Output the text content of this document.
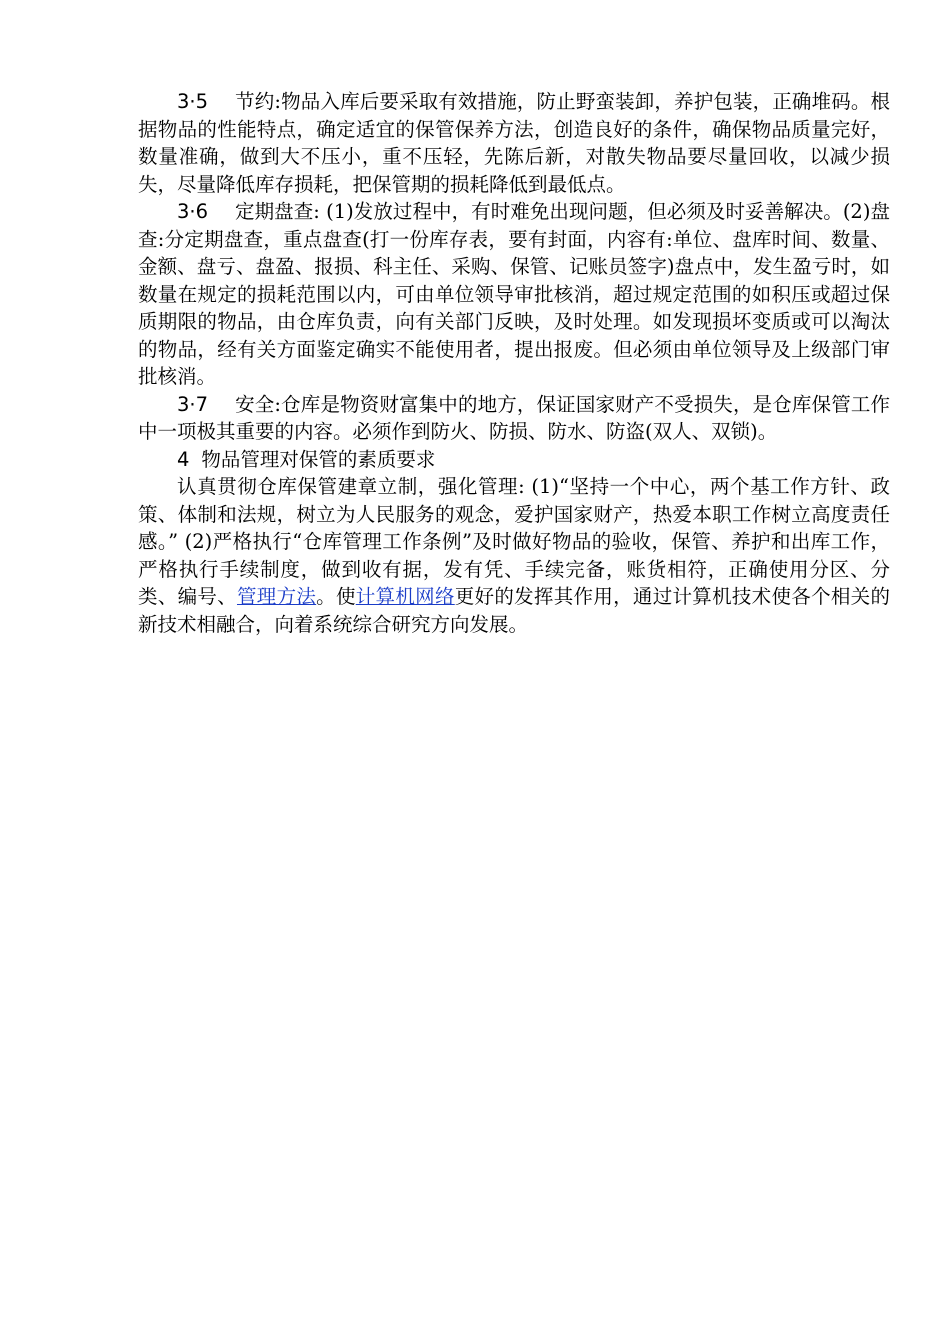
3·5 节约:物品入库后要采取有效措施，防止野蛮装卸，养护包装，正确堆码。根据物品的性能特点，确定适宜的保管保养方法，创造良好的条件，确保物品质量完好，数量准确，做到大不压小，重不压轻，先陈后新，对散失物品要尽量回收，以减少损失，尽量降低库存损耗，把保管期的损耗降低到最低点。

3·6 定期盘查: (1)发放过程中，有时难免出现问题，但必须及时妥善解决。(2)盘查:分定期盘查，重点盘查(打一份库存表，要有封面，内容有:单位、盘库时间、数量、金额、盘亏、盘盈、报损、科主任、采购、保管、记账员签字)盘点中，发生盈亏时，如数量在规定的损耗范围以内，可由单位领导审批核消，超过规定范围的如积压或超过保质期限的物品，由仓库负责，向有关部门反映，及时处理。如发现损坏变质或可以淘汰的物品，经有关方面鉴定确实不能使用者，提出报废。但必须由单位领导及上级部门审批核消。

3·7 安全:仓库是物资财富集中的地方，保证国家财产不受损失，是仓库保管工作中一项极其重要的内容。必须作到防火、防损、防水、防盗(双人、双锁)。

4 物品管理对保管的素质要求

认真贯彻仓库保管建章立制，强化管理: (1)“坚持一个中心，两个基工作方针、政策、体制和法规，树立为人民服务的观念，爱护国家财产，热爱本职工作树立高度责任感。” (2)严格执行“仓库管理工作条例”及时做好物品的验收，保管、养护和出库工作，严格执行手续制度，做到收有据，发有凭、手续完备，账货相符，正确使用分区、分类、编号、管理方法。使计算机网络更好的发挥其作用，通过计算机技术使各个相关的新技术相融合，向着系统综合研究方向发展。
